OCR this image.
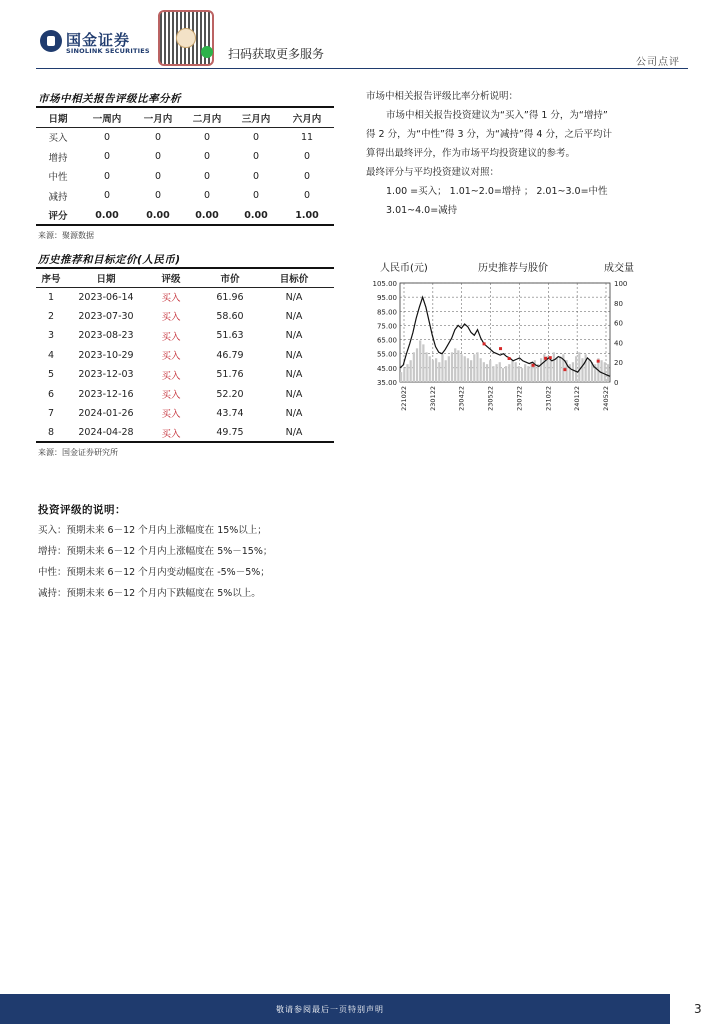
国金证券
SINOLINK SECURITIES	扫码获取更多服务
公司点评
市场中相关报告评级比率分析
日期	一周内	一月内	二月内	三月内	六月内
买入	0	0	0	0	11
增持	0	0	0	0	0
中性	0	0	0	0	0
减持	0	0	0	0	0
评分	0.00	0.00	0.00	0.00	1.00
来源：聚源数据
市场中相关报告评级比率分析说明：
市场中相关报告投资建议为“买入”得 1 分，为“增持”
得 2 分，为“中性”得 3 分，为“减持”得 4 分，之后平均计
算得出最终评分，作为市场平均投资建议的参考。
最终评分与平均投资建议对照：
1.00 =买入； 1.01~2.0=增持 ； 2.01~3.0=中性
3.01~4.0=减持
历史推荐和目标定价(人民币)
序号	日期	评级	市价	目标价	
1	2023-06-14	买入	61.96	N/A	
2	2023-07-30	买入	58.60	N/A	
3	2023-08-23	买入	51.63	N/A	
4	2023-10-29	买入	46.79	N/A	
5	2023-12-03	买入	51.76	N/A	
6	2023-12-16	买入	52.20	N/A	
7	2024-01-26	买入	43.74	N/A	
8	2024-04-28	买入	49.75	N/A	
来源：国金证券研究所
人民币(元)	历史推荐与股价	成交量
105.00
95.00
85.00
75.00
65.00
55.00
45.00
35.00
100
80
60
40
20
0
221022	230122	230422	230522	230722	231022	240122	240522
投资评级的说明：
买入：预期未来 6－12 个月内上涨幅度在 15%以上；
增持：预期未来 6－12 个月内上涨幅度在 5%－15%；
中性：预期未来 6－12 个月内变动幅度在 -5%－5%；
减持：预期未来 6－12 个月内下跌幅度在 5%以上。
敬请参阅最后一页特别声明	3
